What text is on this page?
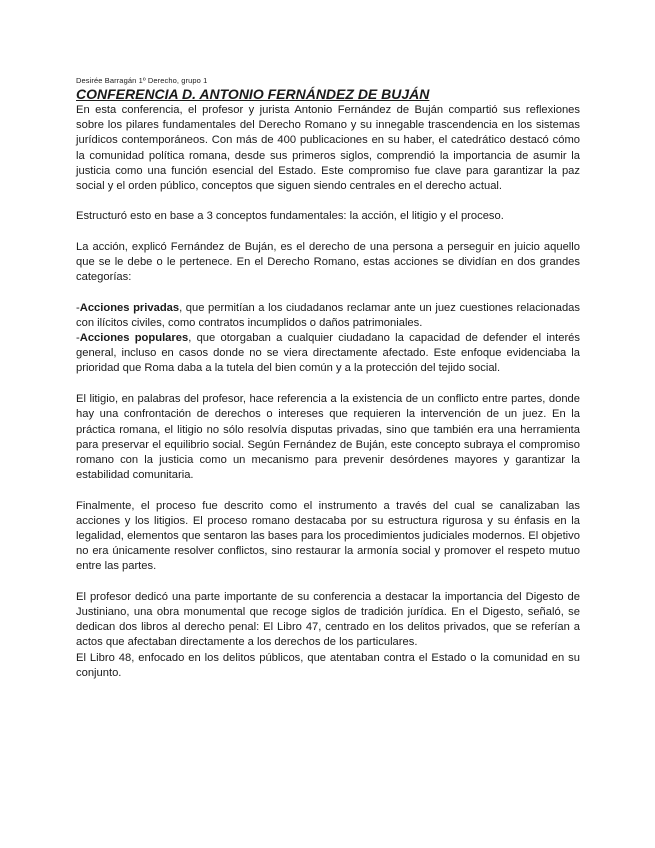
Desirée Barragán 1º Derecho, grupo 1
CONFERENCIA D. ANTONIO FERNÁNDEZ DE BUJÁN

En esta conferencia, el profesor y jurista Antonio Fernández de Buján compartió sus reflexiones sobre los pilares fundamentales del Derecho Romano y su innegable trascendencia en los sistemas jurídicos contemporáneos. Con más de 400 publicaciones en su haber, el catedrático destacó cómo la comunidad política romana, desde sus primeros siglos, comprendió la importancia de asumir la justicia como una función esencial del Estado. Este compromiso fue clave para garantizar la paz social y el orden público, conceptos que siguen siendo centrales en el derecho actual.

Estructuró esto en base a 3 conceptos fundamentales: la acción, el litigio y el proceso.

La acción, explicó Fernández de Buján, es el derecho de una persona a perseguir en juicio aquello que se le debe o le pertenece. En el Derecho Romano, estas acciones se dividían en dos grandes categorías:

-Acciones privadas, que permitían a los ciudadanos reclamar ante un juez cuestiones relacionadas con ilícitos civiles, como contratos incumplidos o daños patrimoniales.

-Acciones populares, que otorgaban a cualquier ciudadano la capacidad de defender el interés general, incluso en casos donde no se viera directamente afectado. Este enfoque evidenciaba la prioridad que Roma daba a la tutela del bien común y a la protección del tejido social.

El litigio, en palabras del profesor, hace referencia a la existencia de un conflicto entre partes, donde hay una confrontación de derechos o intereses que requieren la intervención de un juez. En la práctica romana, el litigio no sólo resolvía disputas privadas, sino que también era una herramienta para preservar el equilibrio social. Según Fernández de Buján, este concepto subraya el compromiso romano con la justicia como un mecanismo para prevenir desórdenes mayores y garantizar la estabilidad comunitaria.

Finalmente, el proceso fue descrito como el instrumento a través del cual se canalizaban las acciones y los litigios. El proceso romano destacaba por su estructura rigurosa y su énfasis en la legalidad, elementos que sentaron las bases para los procedimientos judiciales modernos. El objetivo no era únicamente resolver conflictos, sino restaurar la armonía social y promover el respeto mutuo entre las partes.

El profesor dedicó una parte importante de su conferencia a destacar la importancia del Digesto de Justiniano, una obra monumental que recoge siglos de tradición jurídica. En el Digesto, señaló, se dedican dos libros al derecho penal: El Libro 47, centrado en los delitos privados, que se referían a actos que afectaban directamente a los derechos de los particulares.

El Libro 48, enfocado en los delitos públicos, que atentaban contra el Estado o la comunidad en su conjunto.
